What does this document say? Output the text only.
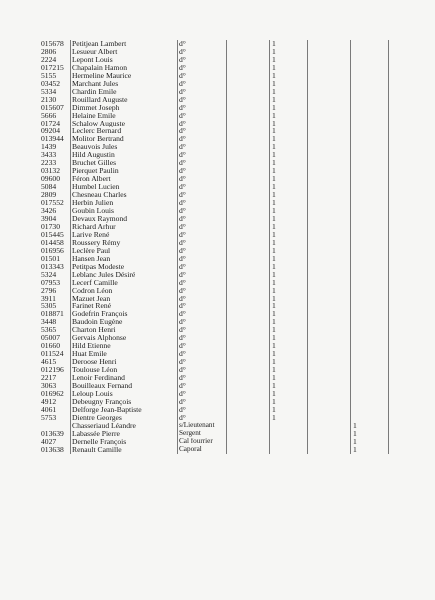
015678	Petitjean Lambert	d°		1			
2806	Lesueur Albert	d°		1			
2224	Lepont Louis	d°		1			
017215	Chapalain Hamon	d°		1			
5155	Hermeline Maurice	d°		1			
03452	Marchant Jules	d°		1			
5334	Chardin Emile	d°		1			
2130	Rouillard Auguste	d°		1			
015607	Dimmet Joseph	d°		1			
5666	Helaine Emile	d°		1			
01724	Schalow Auguste	d°		1			
09204	Leclerc Bernard	d°		1			
013944	Molitor Bertrand	d°		1			
1439	Beauvois Jules	d°		1			
3433	Hild Augustin	d°		1			
2233	Bruchet Gilles	d°		1			
03132	Pierquet Paulin	d°		1			
09600	Féron Albert	d°		1			
5084	Humbel Lucien	d°		1			
2809	Chesneau Charles	d°		1			
017552	Herbin Julien	d°		1			
3426	Goubin Louis	d°		1			
3904	Devaux Raymond	d°		1			
01730	Richard Arhur	d°		1			
015445	Larive René	d°		1			
014458	Roussery Rémy	d°		1			
016956	Leclère Paul	d°		1			
01501	Hansen Jean	d°		1			
013343	Petitpas Modeste	d°		1			
5324	Leblanc Jules Désiré	d°		1			
07953	Lecerf Camille	d°		1			
2796	Codron Léon	d°		1			
3911	Mazuet Jean	d°		1			
5305	Farinet René	d°		1			
018871	Godefrin François	d°		1			
3448	Baudoin Eugène	d°		1			
5365	Charton Henri	d°		1			
05007	Gervais Alphonse	d°		1			
01660	Hild Etienne	d°		1			
011524	Huat Emile	d°		1			
4615	Deroose Henri	d°		1			
012196	Toulouse Léon	d°		1			
2217	Lenoir Ferdinand	d°		1			
3063	Bouilleaux Fernand	d°		1			
016962	Leloup Louis	d°		1			
4912	Debeugny François	d°		1			
4061	Delforge Jean-Baptiste	d°		1			
5753	Dientre Georges	d°		1			
	Chasseriaud Léandre	s/Lieutenant				1	
013639	Labassée Pierre	Sergent				1	
4027	Dernelle François	Cal fourrier				1	
013638	Renault Camille	Caporal				1	
